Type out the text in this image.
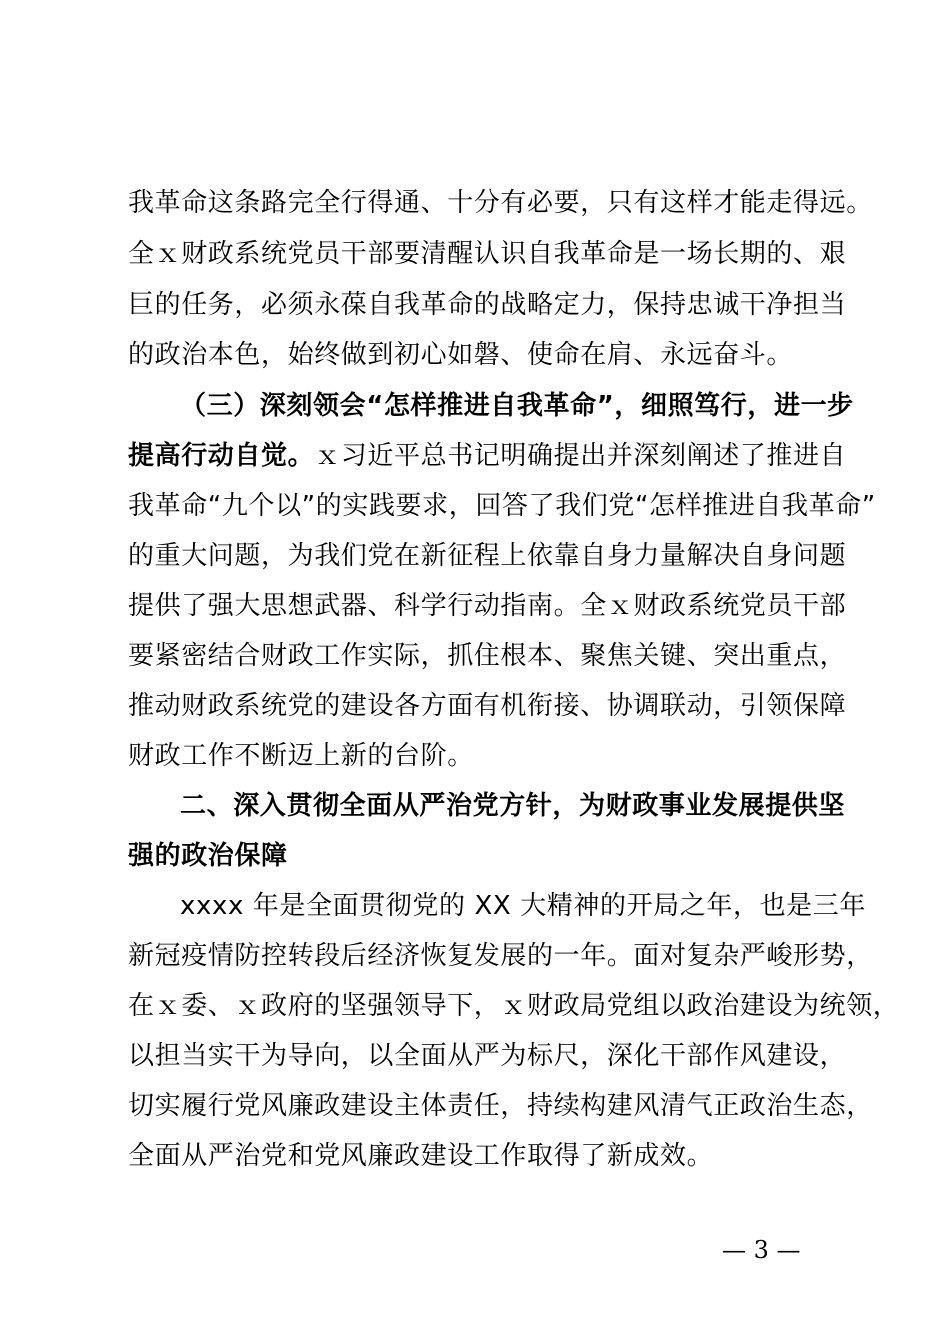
我革命这条路完全行得通、十分有必要，只有这样才能走得远。
全ｘ财政系统党员干部要清醒认识自我革命是一场长期的、艰
巨的任务，必须永葆自我革命的战略定力，保持忠诚干净担当
的政治本色，始终做到初心如磐、使命在肩、永远奋斗。
（三）深刻领会“怎样推进自我革命”，细照笃行，进一步
提高行动自觉。ｘ习近平总书记明确提出并深刻阐述了推进自
我革命“九个以”的实践要求，回答了我们党“怎样推进自我革命”
的重大问题，为我们党在新征程上依靠自身力量解决自身问题
提供了强大思想武器、科学行动指南。全ｘ财政系统党员干部
要紧密结合财政工作实际，抓住根本、聚焦关键、突出重点，
推动财政系统党的建设各方面有机衔接、协调联动，引领保障
财政工作不断迈上新的台阶。
二、深入贯彻全面从严治党方针，为财政事业发展提供坚
强的政治保障
xxxx 年是全面贯彻党的 XX 大精神的开局之年，也是三年
新冠疫情防控转段后经济恢复发展的一年。面对复杂严峻形势，
在ｘ委、ｘ政府的坚强领导下，ｘ财政局党组以政治建设为统领，
以担当实干为导向，以全面从严为标尺，深化干部作风建设，
切实履行党风廉政建设主体责任，持续构建风清气正政治生态，
全面从严治党和党风廉政建设工作取得了新成效。
— 3 —
